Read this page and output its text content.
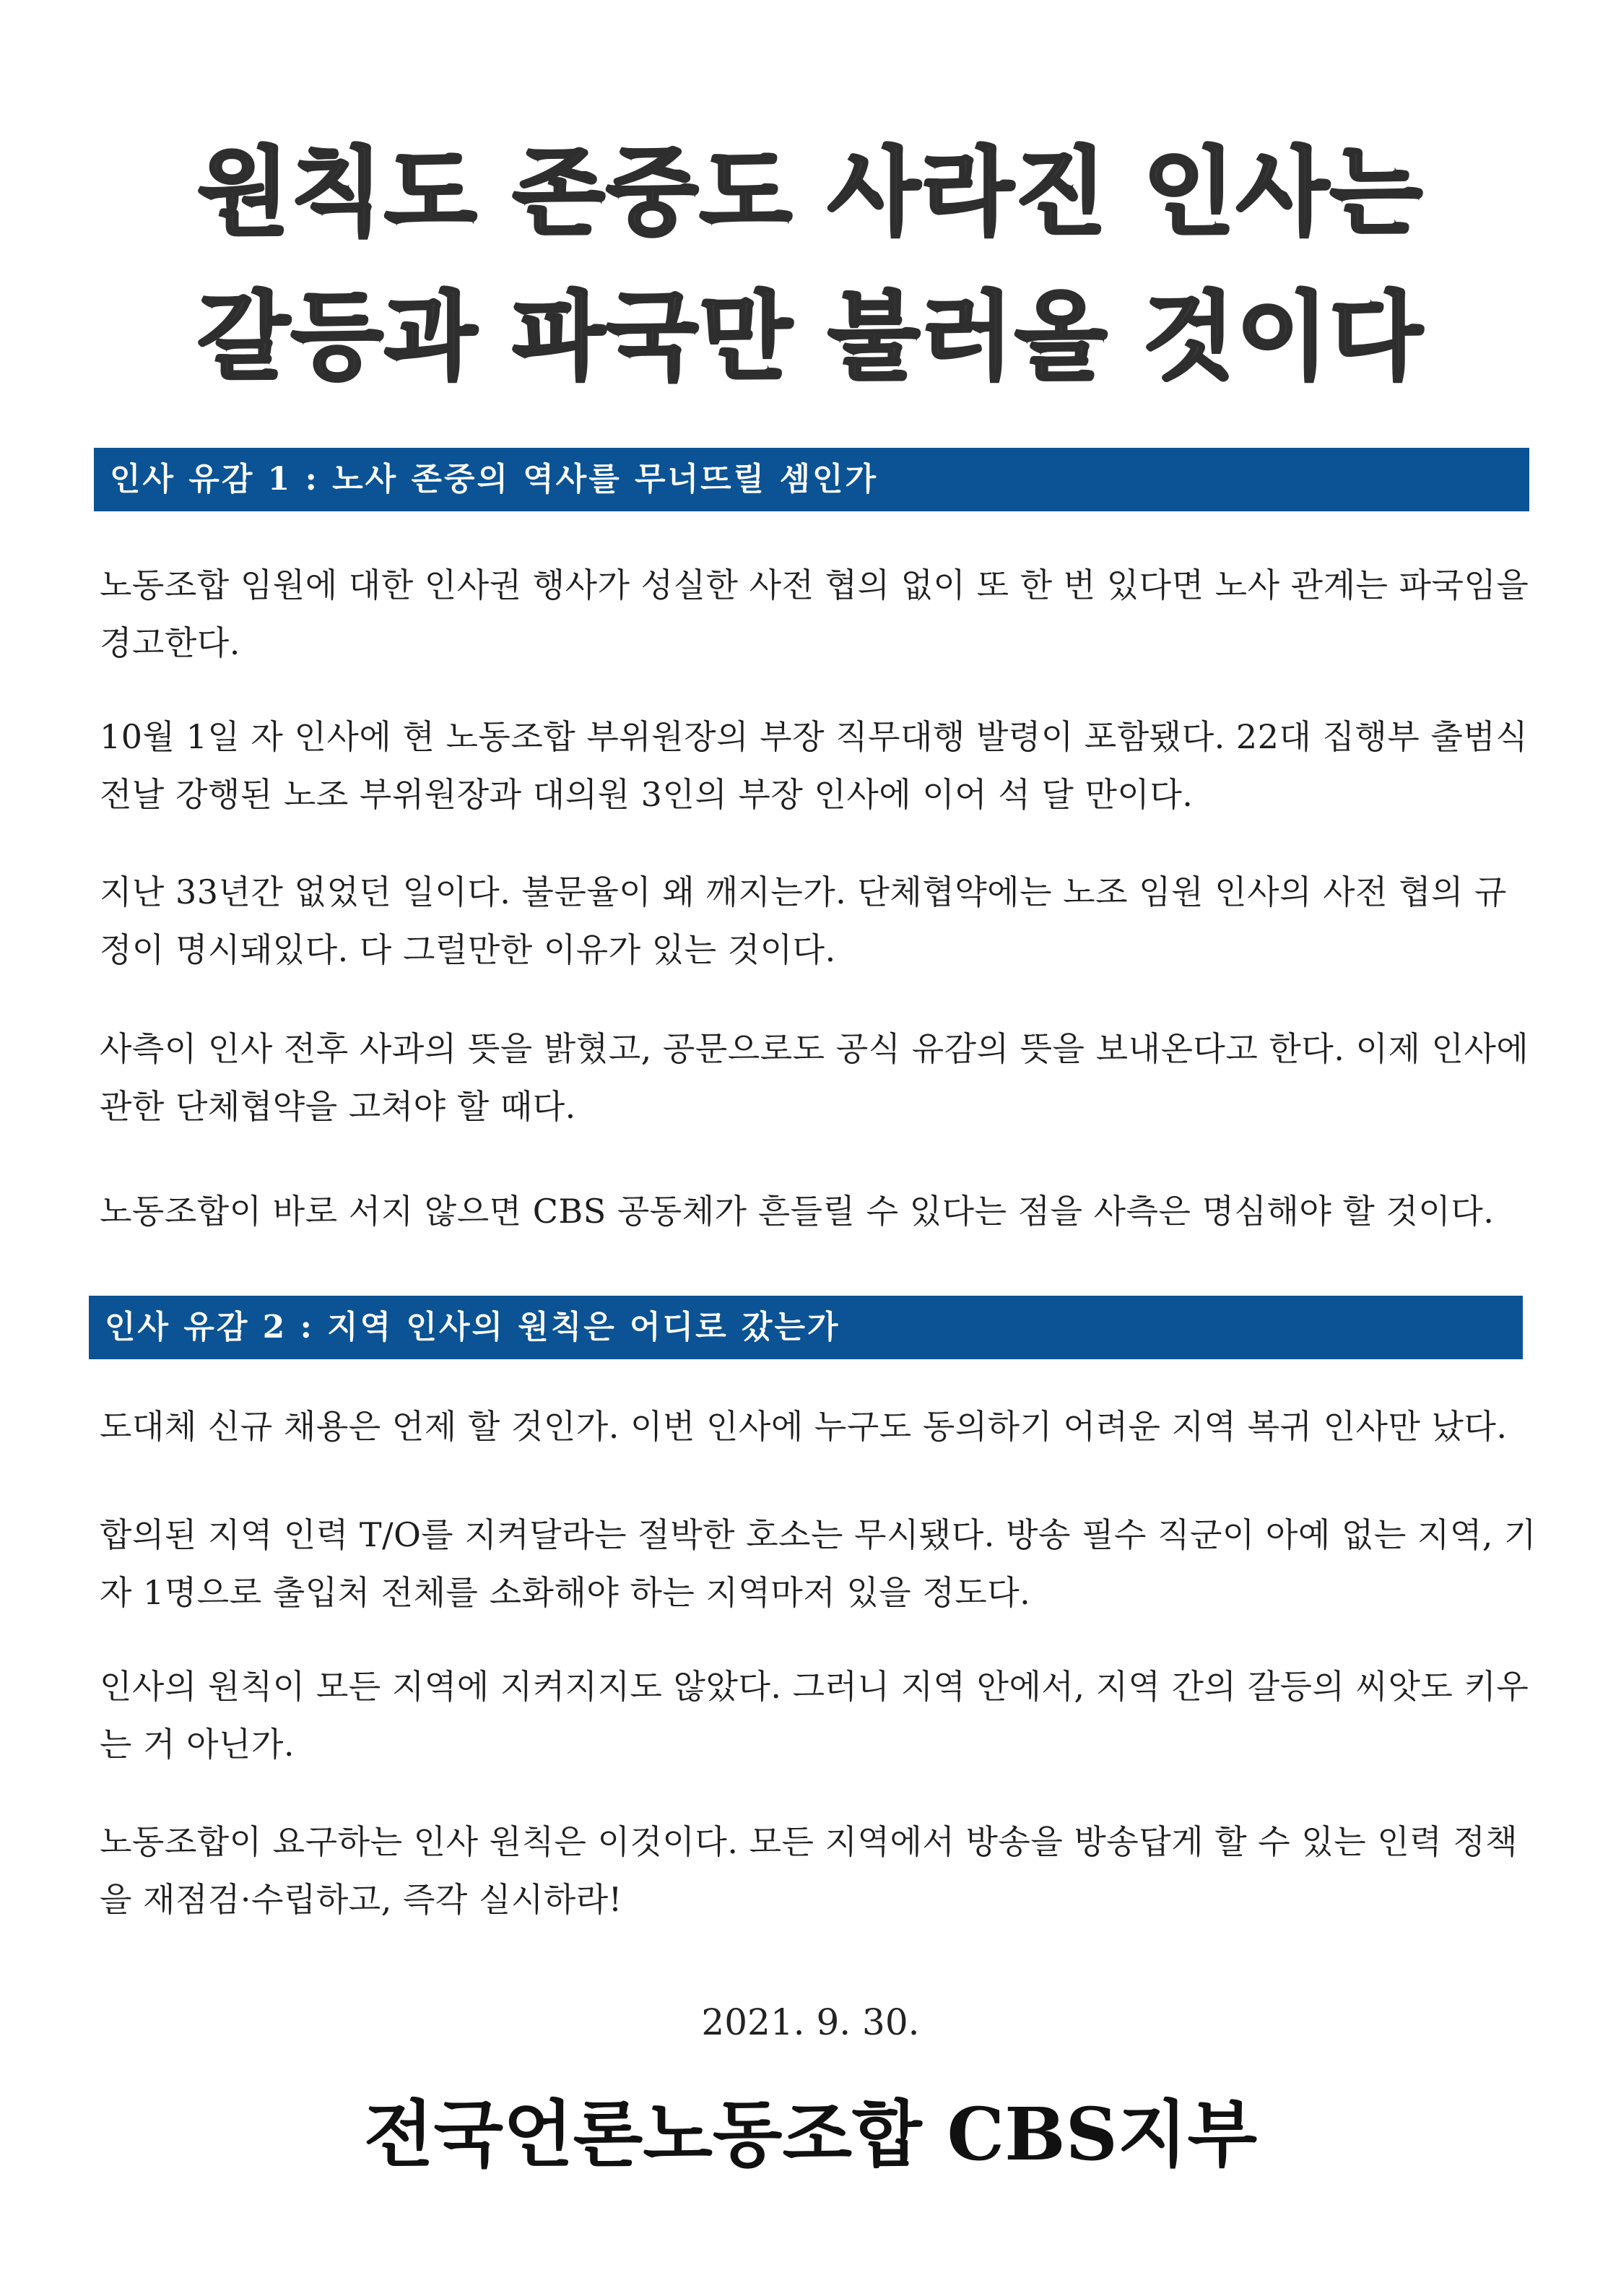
원칙도 존중도 사라진 인사는
갈등과 파국만 불러올 것이다
인사 유감 1 : 노사 존중의 역사를 무너뜨릴 셈인가
노동조합 임원에 대한 인사권 행사가 성실한 사전 협의 없이 또 한 번 있다면 노사 관계는 파국임을 경고한다.
10월 1일 자 인사에 현 노동조합 부위원장의 부장 직무대행 발령이 포함됐다. 22대 집행부 출범식 전날 강행된 노조 부위원장과 대의원 3인의 부장 인사에 이어 석 달 만이다.
지난 33년간 없었던 일이다. 불문율이 왜 깨지는가. 단체협약에는 노조 임원 인사의 사전 협의 규정이 명시돼있다. 다 그럴만한 이유가 있는 것이다.
사측이 인사 전후 사과의 뜻을 밝혔고, 공문으로도 공식 유감의 뜻을 보내온다고 한다. 이제 인사에 관한 단체협약을 고쳐야 할 때다.
노동조합이 바로 서지 않으면 CBS 공동체가 흔들릴 수 있다는 점을 사측은 명심해야 할 것이다.
인사 유감 2 : 지역 인사의 원칙은 어디로 갔는가
도대체 신규 채용은 언제 할 것인가. 이번 인사에 누구도 동의하기 어려운 지역 복귀 인사만 났다.
합의된 지역 인력 T/O를 지켜달라는 절박한 호소는 무시됐다. 방송 필수 직군이 아예 없는 지역, 기자 1명으로 출입처 전체를 소화해야 하는 지역마저 있을 정도다.
인사의 원칙이 모든 지역에 지켜지지도 않았다. 그러니 지역 안에서, 지역 간의 갈등의 씨앗도 키우는 거 아닌가.
노동조합이 요구하는 인사 원칙은 이것이다. 모든 지역에서 방송을 방송답게 할 수 있는 인력 정책을 재점검·수립하고, 즉각 실시하라!
2021. 9. 30.
전국언론노동조합 CBS지부
